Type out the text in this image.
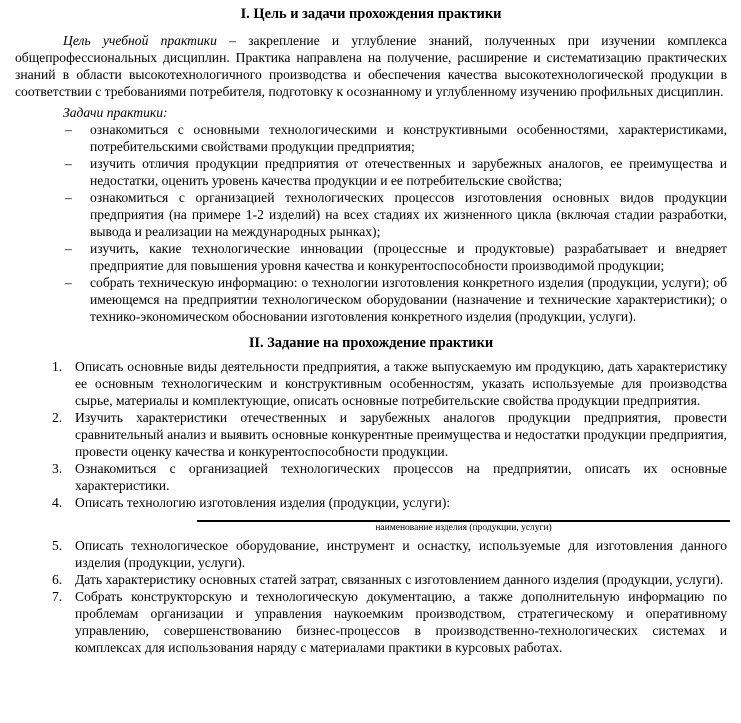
I. Цель и задачи прохождения практики

Цель учебной практики – закрепление и углубление знаний, полученных при изучении комплекса общепрофессиональных дисциплин. Практика направлена на получение, расширение и систематизацию практических знаний в области высокотехнологичного производства и обеспечения качества высокотехнологической продукции в соответствии с требованиями потребителя, подготовку к осознанному и углубленному изучению профильных дисциплин.

Задачи практики:
– ознакомиться с основными технологическими и конструктивными особенностями, характеристиками, потребительскими свойствами продукции предприятия;
– изучить отличия продукции предприятия от отечественных и зарубежных аналогов, ее преимущества и недостатки, оценить уровень качества продукции и ее потребительские свойства;
– ознакомиться с организацией технологических процессов изготовления основных видов продукции предприятия (на примере 1-2 изделий) на всех стадиях их жизненного цикла (включая стадии разработки, вывода и реализации на международных рынках);
– изучить, какие технологические инновации (процессные и продуктовые) разрабатывает и внедряет предприятие для повышения уровня качества и конкурентоспособности производимой продукции;
– собрать техническую информацию: о технологии изготовления конкретного изделия (продукции, услуги); об имеющемся на предприятии технологическом оборудовании (назначение и технические характеристики); о технико-экономическом обосновании изготовления конкретного изделия (продукции, услуги).
II. Задание на прохождение практики
1. Описать основные виды деятельности предприятия, а также выпускаемую им продукцию, дать характеристику ее основным технологическим и конструктивным особенностям, указать используемые для производства сырье, материалы и комплектующие, описать основные потребительские свойства продукции предприятия.
2. Изучить характеристики отечественных и зарубежных аналогов продукции предприятия, провести сравнительный анализ и выявить основные конкурентные преимущества и недостатки продукции предприятия, провести оценку качества и конкурентоспособности продукции.
3. Ознакомиться с организацией технологических процессов на предприятии, описать их основные характеристики.
4. Описать технологию изготовления изделия (продукции, услуги):
наименование изделия (продукции, услуги)
5. Описать технологическое оборудование, инструмент и оснастку, используемые для изготовления данного изделия (продукции, услуги).
6. Дать характеристику основных статей затрат, связанных с изготовлением данного изделия (продукции, услуги).
7. Собрать конструкторскую и технологическую документацию, а также дополнительную информацию по проблемам организации и управления наукоемким производством, стратегическому и оперативному управлению, совершенствованию бизнес-процессов в производственно-технологических системах и комплексах для использования наряду с материалами практики в курсовых работах.
